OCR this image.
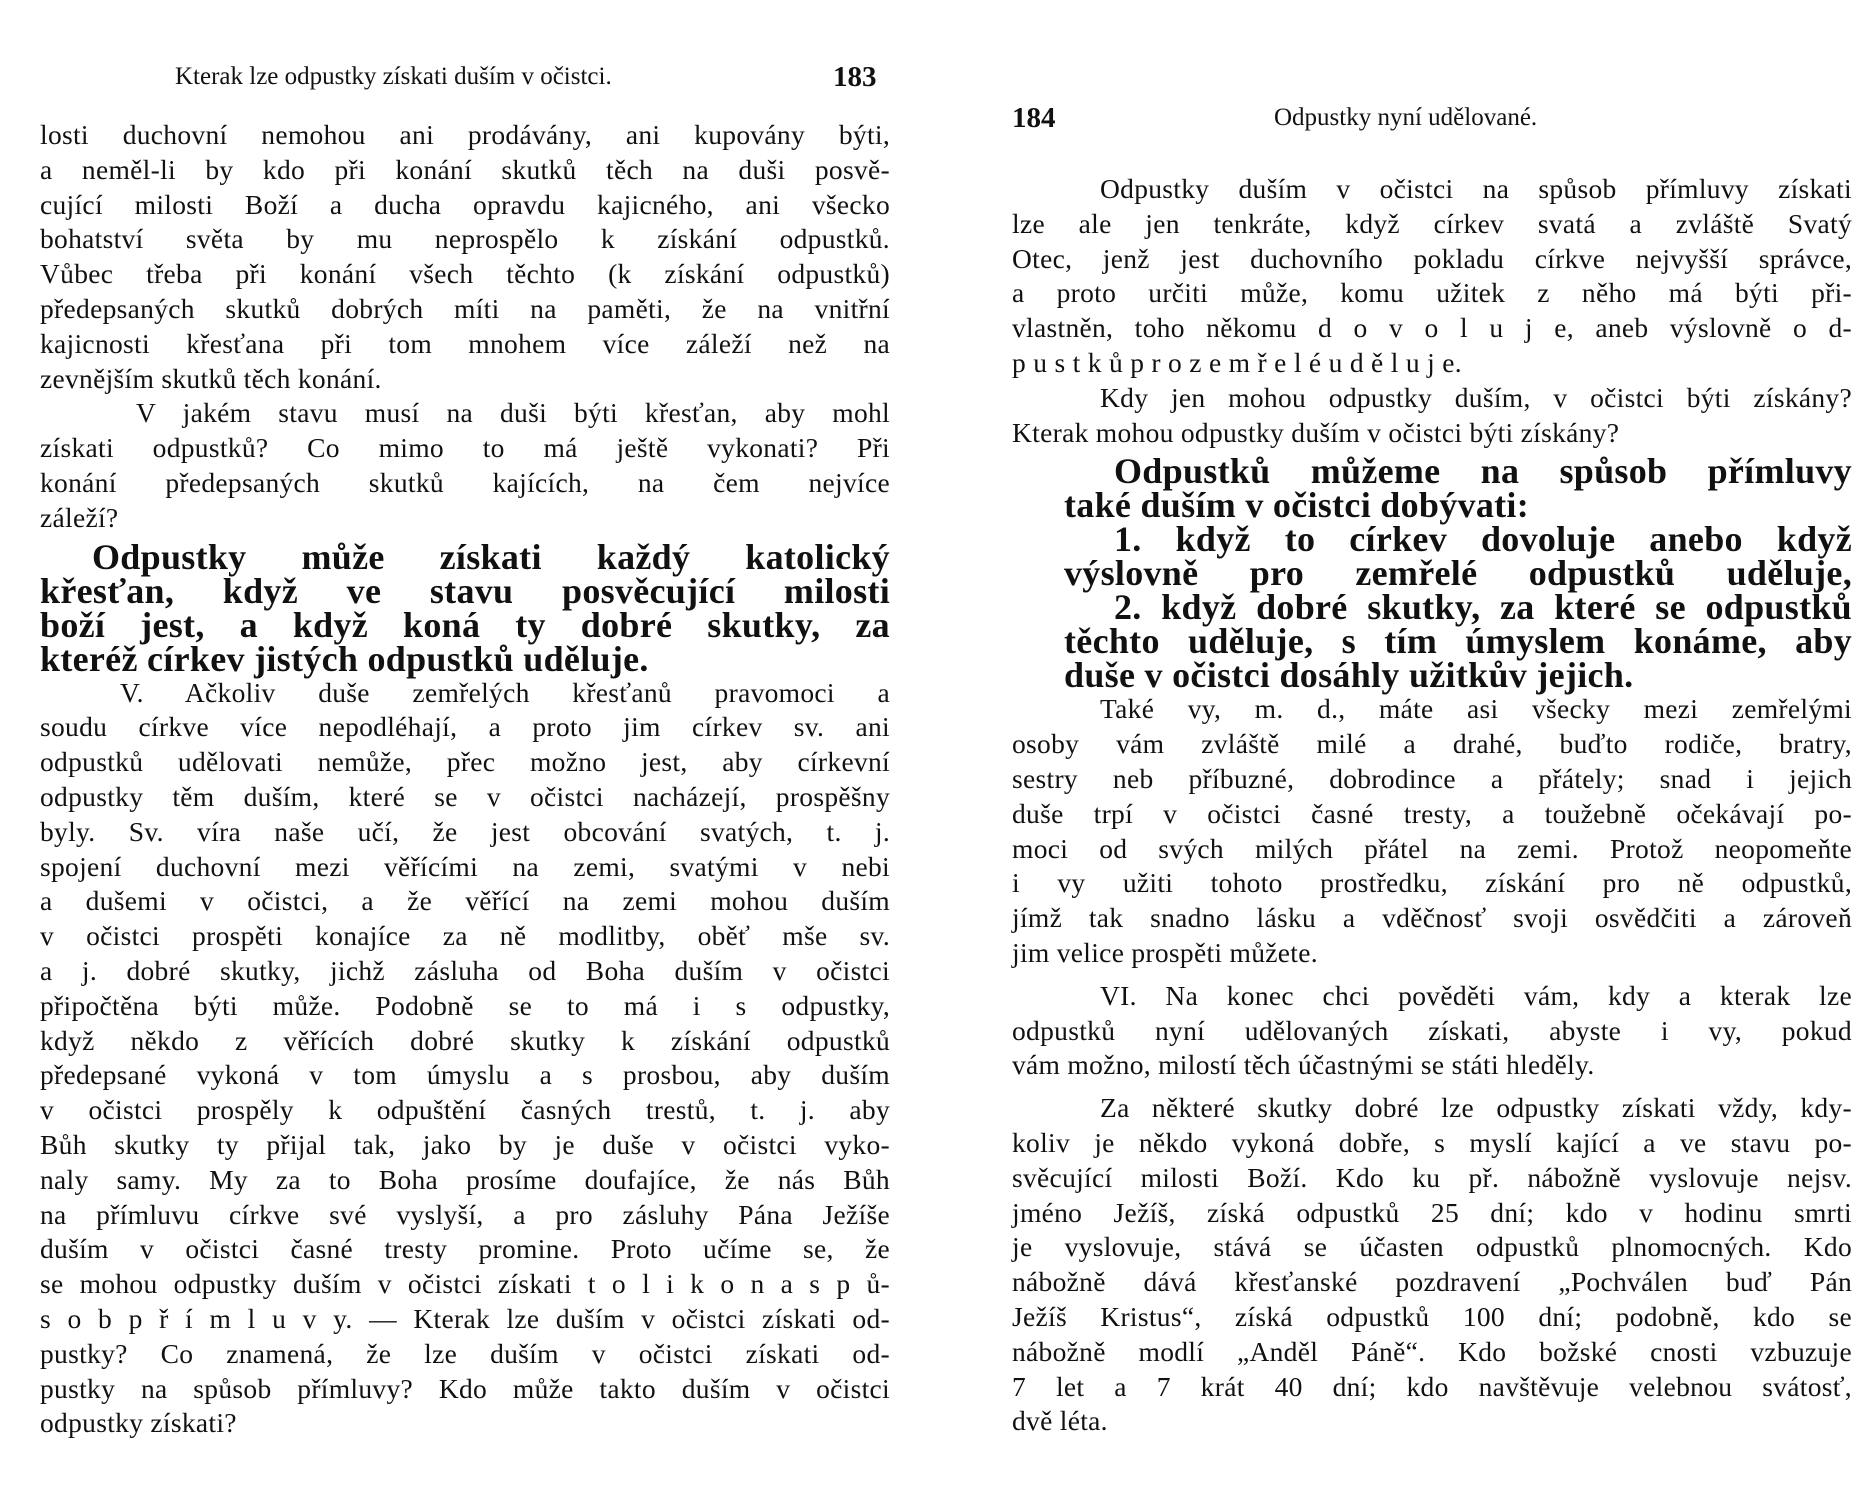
Kterak lze odpustky získati duším v očistci.	183
losti duchovní nemohou ani prodávány, ani kupovány býti,
a neměl-li by kdo při konání skutků těch na duši posvě-
cující milosti Boží a ducha opravdu kajicného, ani všecko
bohatství světa by mu neprospělo k získání odpustků.
Vůbec třeba při konání všech těchto (k získání odpustků)
předepsaných skutků dobrých míti na paměti, že na vnitřní
kajicnosti křesťana při tom mnohem více záleží než na
zevnějším skutků těch konání.
V jakém stavu musí na duši býti křesťan, aby mohl
získati odpustků? Co mimo to má ještě vykonati? Při
konání předepsaných skutků kajících, na čem nejvíce
záleží?
Odpustky může získati každý katolický
křesťan, když ve stavu posvěcující milosti
boží jest, a když koná ty dobré skutky, za
kteréž církev jistých odpustků uděluje.
V. Ačkoliv duše zemřelých křesťanů pravomoci a
soudu církve více nepodléhají, a proto jim církev sv. ani
odpustků udělovati nemůže, přec možno jest, aby církevní
odpustky těm duším, které se v očistci nacházejí, prospěšny
byly. Sv. víra naše učí, že jest obcování svatých, t. j.
spojení duchovní mezi věřícími na zemi, svatými v nebi
a dušemi v očistci, a že věřící na zemi mohou duším
v očistci prospěti konajíce za ně modlitby, oběť mše sv.
a j. dobré skutky, jichž zásluha od Boha duším v očistci
připočtěna býti může. Podobně se to má i s odpustky,
když někdo z věřících dobré skutky k získání odpustků
předepsané vykoná v tom úmyslu a s prosbou, aby duším
v očistci prospěly k odpuštění časných trestů, t. j. aby
Bůh skutky ty přijal tak, jako by je duše v očistci vyko-
naly samy. My za to Boha prosíme doufajíce, že nás Bůh
na přímluvu církve své vyslyší, a pro zásluhy Pána Ježíše
duším v očistci časné tresty promine. Proto učíme se, že
se mohou odpustky duším v očistci získati t o l i k o n a s p ů-
s o b p ř í m l u v y. — Kterak lze duším v očistci získati od-
pustky? Co znamená, že lze duším v očistci získati od-
pustky na spůsob přímluvy? Kdo může takto duším v očistci
odpustky získati?
184	Odpustky nyní udělované.
Odpustky duším v očistci na spůsob přímluvy získati
lze ale jen tenkráte, když církev svatá a zvláště Svatý
Otec, jenž jest duchovního pokladu církve nejvyšší správce,
a proto určiti může, komu užitek z něho má býti při-
vlastněn, toho někomu d o v o l u j e, aneb výslovně o d-
p u s t k ů p r o z e m ř e l é u d ě l u j e.
Kdy jen mohou odpustky duším, v očistci býti získány?
Kterak mohou odpustky duším v očistci býti získány?
Odpustků můžeme na spůsob přímluvy
také duším v očistci dobývati:
1. když to církev dovoluje anebo když
výslovně pro zemřelé odpustků uděluje,
2. když dobré skutky, za které se odpustků
těchto uděluje, s tím úmyslem konáme, aby
duše v očistci dosáhly užitkův jejich.
Také vy, m. d., máte asi všecky mezi zemřelými
osoby vám zvláště milé a drahé, buďto rodiče, bratry,
sestry neb příbuzné, dobrodince a přátely; snad i jejich
duše trpí v očistci časné tresty, a toužebně očekávají po-
moci od svých milých přátel na zemi. Protož neopomeňte
i vy užiti tohoto prostředku, získání pro ně odpustků,
jímž tak snadno lásku a vděčnosť svoji osvědčiti a zároveň
jim velice prospěti můžete.
VI. Na konec chci pověděti vám, kdy a kterak lze
odpustků nyní udělovaných získati, abyste i vy, pokud
vám možno, milostí těch účastnými se státi hleděly.
Za některé skutky dobré lze odpustky získati vždy, kdy-
koliv je někdo vykoná dobře, s myslí kající a ve stavu po-
svěcující milosti Boží. Kdo ku př. nábožně vyslovuje nejsv.
jméno Ježíš, získá odpustků 25 dní; kdo v hodinu smrti
je vyslovuje, stává se účasten odpustků plnomocných. Kdo
nábožně dává křesťanské pozdravení „Pochválen buď Pán
Ježíš Kristus“, získá odpustků 100 dní; podobně, kdo se
nábožně modlí „Anděl Páně“. Kdo božské cnosti vzbuzuje
7 let a 7 krát 40 dní; kdo navštěvuje velebnou svátosť,
dvě léta.
